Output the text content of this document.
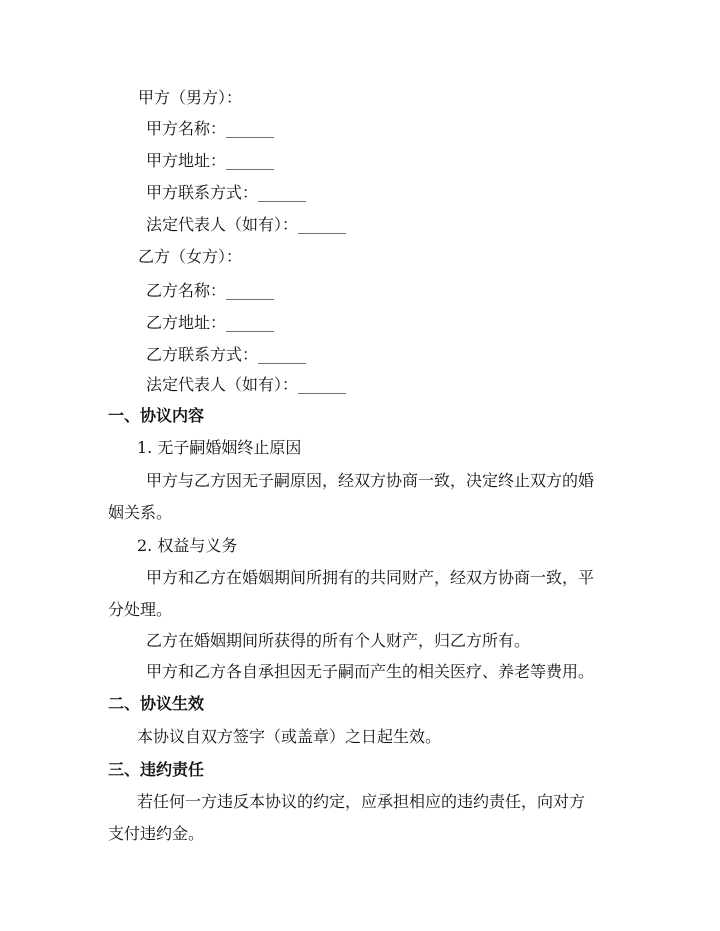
甲方（男方）：
甲方名称：______
甲方地址：______
甲方联系方式：______
法定代表人（如有）：______
乙方（女方）：
乙方名称：______
乙方地址：______
乙方联系方式：______
法定代表人（如有）：______
一、协议内容
1. 无子嗣婚姻终止原因
甲方与乙方因无子嗣原因，经双方协商一致，决定终止双方的婚
姻关系。
2. 权益与义务
甲方和乙方在婚姻期间所拥有的共同财产，经双方协商一致，平
分处理。
乙方在婚姻期间所获得的所有个人财产，归乙方所有。
甲方和乙方各自承担因无子嗣而产生的相关医疗、养老等费用。
二、协议生效
本协议自双方签字（或盖章）之日起生效。
三、违约责任
若任何一方违反本协议的约定，应承担相应的违约责任，向对方
支付违约金。
